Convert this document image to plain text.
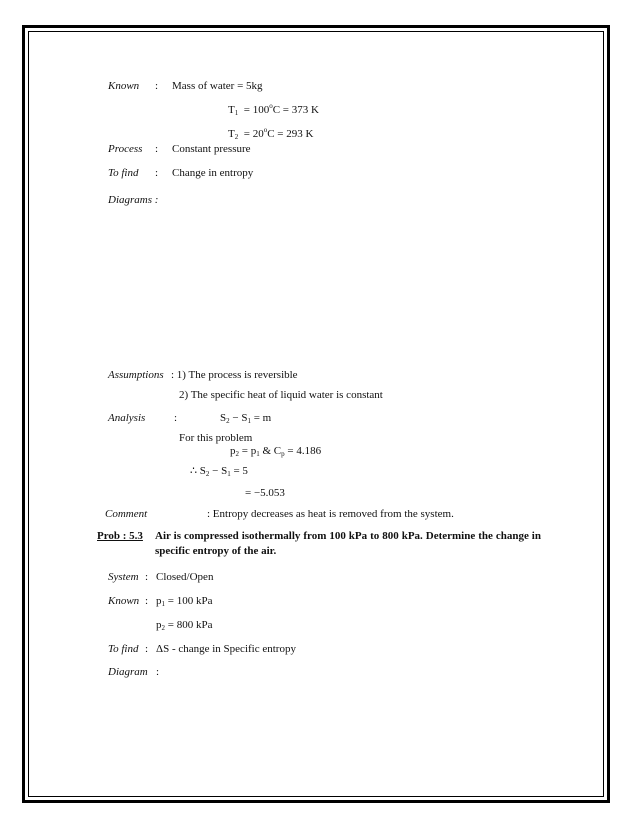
Known : Mass of water = 5kg
$T_1 = 100^oC = 373$ K
$T_2 = 20^oC = 293$ K
Process : Constant pressure
To find : Change in entropy
Diagrams :
Assumptions : 1) The process is reversible
2) The specific heat of liquid water is constant
Analysis	:	$S_2 - S_1 = m$
For this problem
$p_2 = p_1$ & $C_p = 4.186$
∴ $S_2 - S_1 = 5$
= −5.053
Comment	: Entropy decreases as heat is removed from the system.
Prob : 5.3 Air is compressed isothermally from 100 kPa to 800 kPa. Determine the change in specific entropy of the air.
System : Closed/Open
Known : $p_1 = 100$ kPa
$p_2 = 800$ kPa
To find : ΔS - change in Specific entropy
Diagram :
